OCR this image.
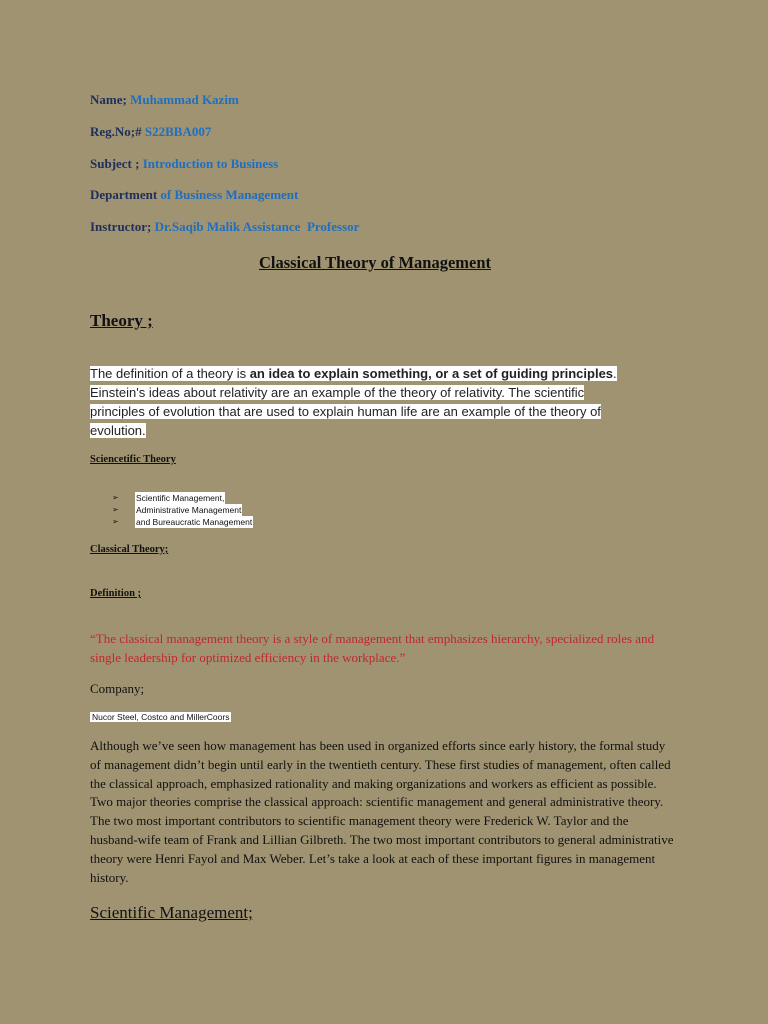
Name; Muhammad Kazim
Reg.No;# S22BBA007
Subject ; Introduction to Business
Department of Business Management
Instructor; Dr.Saqib Malik Assistance  Professor
Classical Theory of Management
Theory ;
The definition of a theory is an idea to explain something, or a set of guiding principles.
Einstein's ideas about relativity are an example of the theory of relativity. The scientific
principles of evolution that are used to explain human life are an example of the theory of
evolution.
Sciencetific Theory
➢ Scientific Management,
➢ Administrative Management
➢ and Bureaucratic Management
Classical Theory;
Definition ;
“The classical management theory is a style of management that emphasizes hierarchy, specialized roles and single leadership for optimized efficiency in the workplace.”
Company;
Nucor Steel, Costco and MillerCoors
Although we’ve seen how management has been used in organized efforts since early history, the formal study of management didn’t begin until early in the twentieth century. These first studies of management, often called the classical approach, emphasized rationality and making organizations and workers as efficient as possible. Two major theories comprise the classical approach: scientific management and general administrative theory. The two most important contributors to scientific management theory were Frederick W. Taylor and the husband-wife team of Frank and Lillian Gilbreth. The two most important contributors to general administrative theory were Henri Fayol and Max Weber. Let’s take a look at each of these important figures in management history.
Scientific Management;
